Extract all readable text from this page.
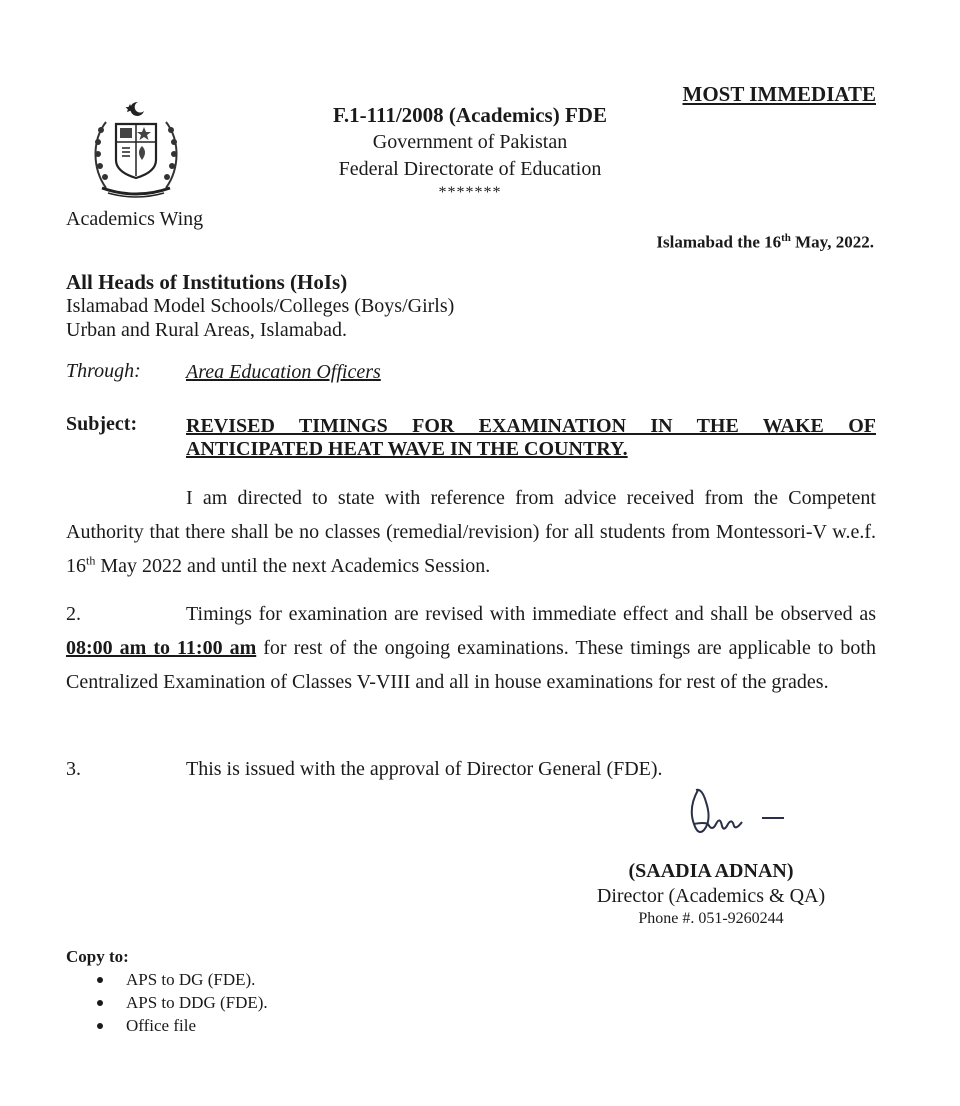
MOST IMMEDIATE
F.1-111/2008 (Academics) FDE
Government of Pakistan
Federal Directorate of Education
*******
Academics Wing
Islamabad the 16th May, 2022.
All Heads of Institutions (HoIs)
Islamabad Model Schools/Colleges (Boys/Girls)
Urban and Rural Areas, Islamabad.
Through: Area Education Officers
Subject: REVISED TIMINGS FOR EXAMINATION IN THE WAKE OF ANTICIPATED HEAT WAVE IN THE COUNTRY.
I am directed to state with reference from advice received from the Competent Authority that there shall be no classes (remedial/revision) for all students from Montessori-V w.e.f. 16th May 2022 and until the next Academics Session.
2.	Timings for examination are revised with immediate effect and shall be observed as 08:00 am to 11:00 am for rest of the ongoing examinations. These timings are applicable to both Centralized Examination of Classes V-VIII and all in house examinations for rest of the grades.
3.	This is issued with the approval of Director General (FDE).
(SAADIA ADNAN)
Director (Academics & QA)
Phone #. 051-9260244
Copy to:
APS to DG (FDE).
APS to DDG (FDE).
Office file
